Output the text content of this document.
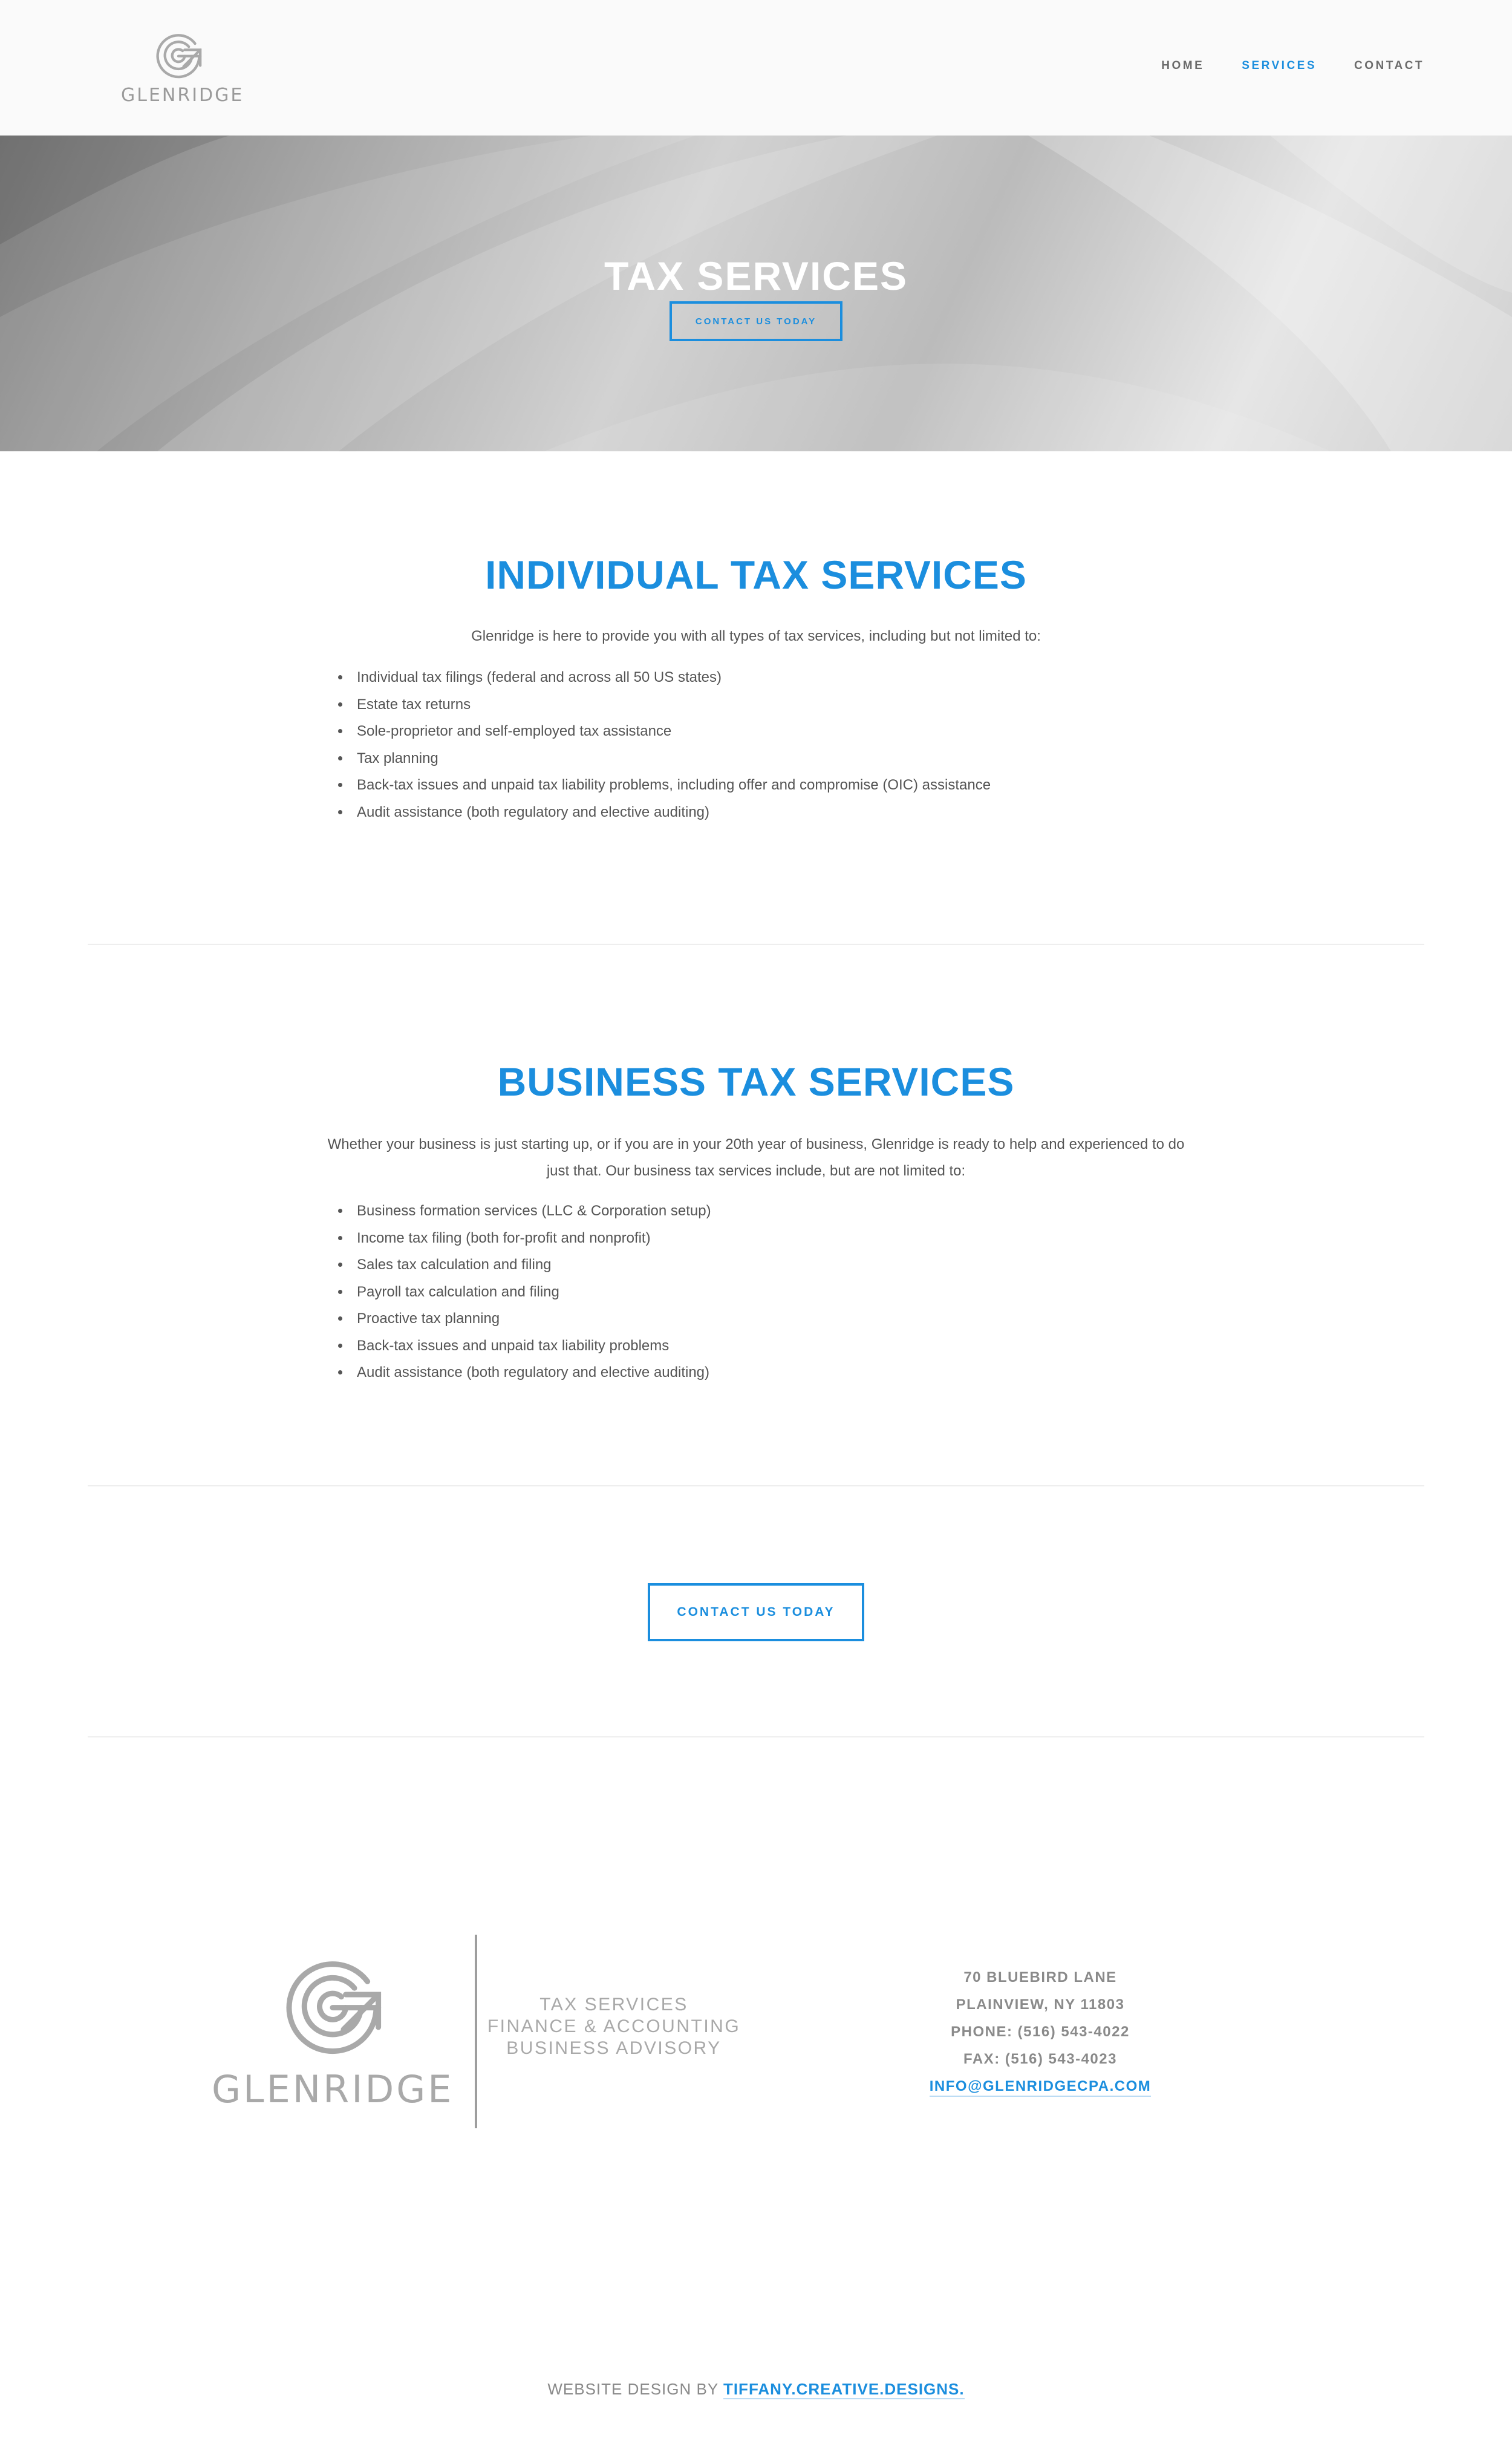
GLENRIDGE
HOME	SERVICES	CONTACT
TAX SERVICES
CONTACT US TODAY
INDIVIDUAL TAX SERVICES

Glenridge is here to provide you with all types of tax services, including but not limited to:

• Individual tax filings (federal and across all 50 US states)
• Estate tax returns
• Sole-proprietor and self-employed tax assistance
• Tax planning
• Back-tax issues and unpaid tax liability problems, including offer and compromise (OIC) assistance
• Audit assistance (both regulatory and elective auditing)
BUSINESS TAX SERVICES

Whether your business is just starting up, or if you are in your 20th year of business, Glenridge is ready to help and experienced to do just that. Our business tax services include, but are not limited to:

• Business formation services (LLC & Corporation setup)
• Income tax filing (both for-profit and nonprofit)
• Sales tax calculation and filing
• Payroll tax calculation and filing
• Proactive tax planning
• Back-tax issues and unpaid tax liability problems
• Audit assistance (both regulatory and elective auditing)
CONTACT US TODAY
GLENRIDGE
TAX SERVICES
FINANCE & ACCOUNTING
BUSINESS ADVISORY
70 BLUEBIRD LANE
PLAINVIEW, NY 11803
PHONE: (516) 543-4022
FAX: (516) 543-4023
INFO@GLENRIDGECPA.COM
WEBSITE DESIGN BY TIFFANY.CREATIVE.DESIGNS.
